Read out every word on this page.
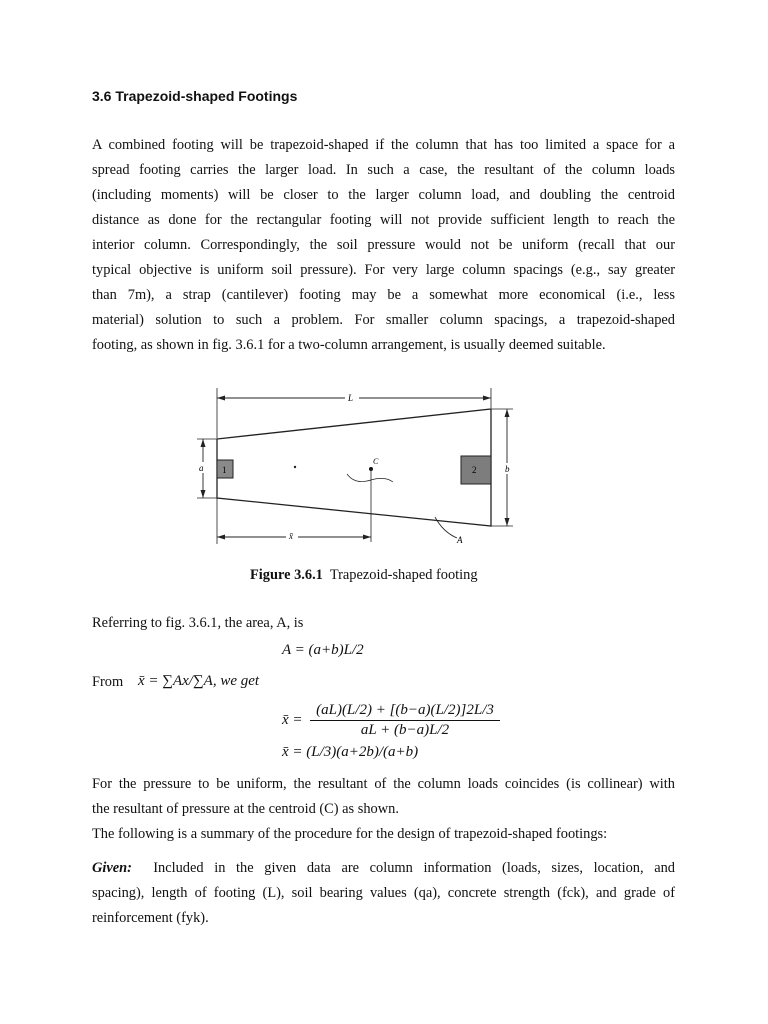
3.6 Trapezoid-shaped Footings
A combined footing will be trapezoid-shaped if the column that has too limited a space for a
spread footing carries the larger load. In such a case, the resultant of the column loads
(including moments) will be closer to the larger column load, and doubling the centroid
distance as done for the rectangular footing will not provide sufficient length to reach the
interior column. Correspondingly, the soil pressure would not be uniform (recall that our
typical objective is uniform soil pressure). For very large column spacings (e.g., say greater
than 7m), a strap (cantilever) footing may be a somewhat more economical (i.e., less
material) solution to such a problem. For smaller column spacings, a trapezoid-shaped
footing, as shown in fig. 3.6.1 for a two-column arrangement, is usually deemed suitable.
L
a	b
1	2
C
x̄	A
Figure 3.6.1 Trapezoid-shaped footing
Referring to fig. 3.6.1, the area, A, is
A = (a+b)L/2
From x̄ = ∑Ax/∑A, we get
x̄ =
(aL)(L/2) + [(b−a)(L/2)]2L/3
aL + (b−a)L/2
x̄ = (L/3)(a+2b)/(a+b)
For the pressure to be uniform, the resultant of the column loads coincides (is collinear) with
the resultant of pressure at the centroid (C) as shown.
The following is a summary of the procedure for the design of trapezoid-shaped footings:
Given: Included in the given data are column information (loads, sizes, location, and
spacing), length of footing (L), soil bearing values (qa), concrete strength (fck), and grade of
reinforcement (fyk).
